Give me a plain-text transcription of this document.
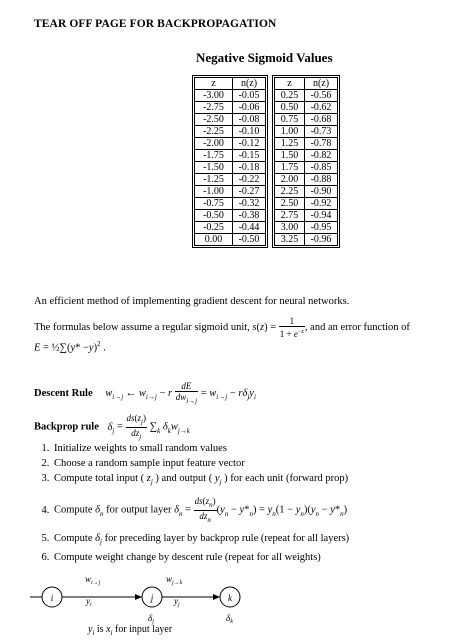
TEAR OFF PAGE FOR BACKPROPAGATION
Negative Sigmoid Values
z	n(z)
-3.00	-0.05
-2.75	-0.06
-2.50	-0.08
-2.25	-0.10
-2.00	-0.12
-1.75	-0.15
-1.50	-0.18
-1.25	-0.22
-1.00	-0.27
-0.75	-0.32
-0.50	-0.38
-0.25	-0.44
0.00	-0.50
z	n(z)
0.25	-0.56
0.50	-0.62
0.75	-0.68
1.00	-0.73
1.25	-0.78
1.50	-0.82
1.75	-0.85
2.00	-0.88
2.25	-0.90
2.50	-0.92
2.75	-0.94
3.00	-0.95
3.25	-0.96
An efficient method of implementing gradient descent for neural networks.
The formulas below assume a regular sigmoid unit, $s(z) = \frac{1}{1 + e^{-z}}$ , and an error function of
E = ½∑(y* −y)$^2$ .
Descent Rule $w_{i\to j}$ ← $w_{i\to j} - r \frac{dE}{dw_{i\to j}} = w_{i\to j} - r\delta_jy_i$
Backprop rule $\delta_j = \frac{ds(z_j)}{dz_j} \sum_k$ $\delta_kw_{j\to k}$
1. Initialize weights to small random values
2. Choose a random sample input feature vector
3. Compute total input ( $z_j$ ) and output ( $y_j$ ) for each unit (forward prop)
4. Compute $\delta_n$ for output layer $\delta_n = \frac{ds(z_n)}{dz_n} (y_n - y*_n) = y_n(1 - y_n)(y_n - y*_n)$
5. Compute $\delta_j$ for preceding layer by backprop rule (repeat for all layers)
6. Compute weight change by descent rule (repeat for all weights)
i	j	k
$w_{i\to j}$	$w_{j\to k}$
$y_i$	$y_j$
$\delta_j$	$\delta_k$
$y_i$ is $x_i$ for input layer
